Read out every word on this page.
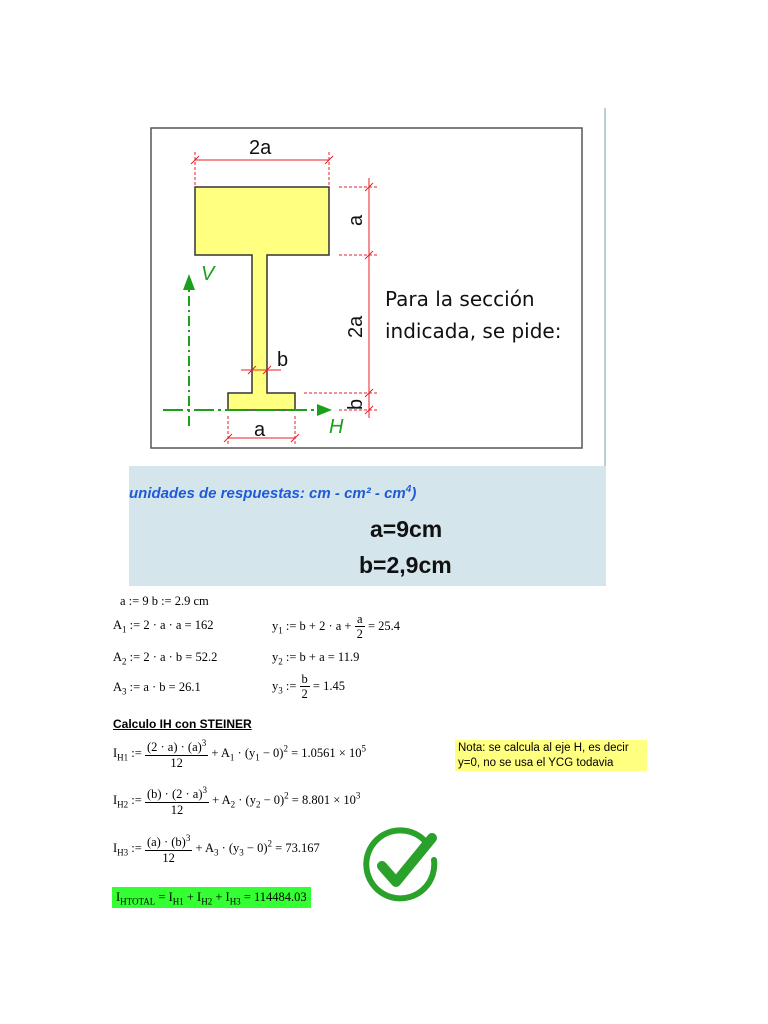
V
H
2a
a
2a
b
b
a
Para la sección
indicada, se pide:
unidades de respuestas: cm - $cm^2 - cm^4$)
a=9cm
b=2,9cm
a := 9 b := 2.9 cm
$A_1$ := 2 · a · a = 162
$A_2$ := 2 · a · b = 52.2
$A_3$ := a · b = 26.1
$y_1$ := $b + 2 \cdot a + \frac{a}{2} = 25.4$
$y_2$ := b + a = 11.9
$y_3$ := $\frac{b}{2} = 1.45$
Calculo IH con STEINER
Nota: se calcula al eje H, es decir y=0, no se usa el YCG todavia
$I_{H1}$ := $\frac{(2 \cdot a) \cdot (a)^3}{12} + A_1 \cdot (y_1 - 0)^2 = 1.0561 \times 10^5$
$I_{H2}$ := $\frac{(b) \cdot (2 \cdot a)^3}{12} + A_2 \cdot (y_2 - 0)^2 = 8.801 \times 10^3$
$I_{H3}$ := $\frac{(a) \cdot (b)^3}{12} + A_3 \cdot (y_3 - 0)^2 = 73.167$
$I_{HTOTAL} = I_{H1} + I_{H2} + I_{H3} = 114484.03$
